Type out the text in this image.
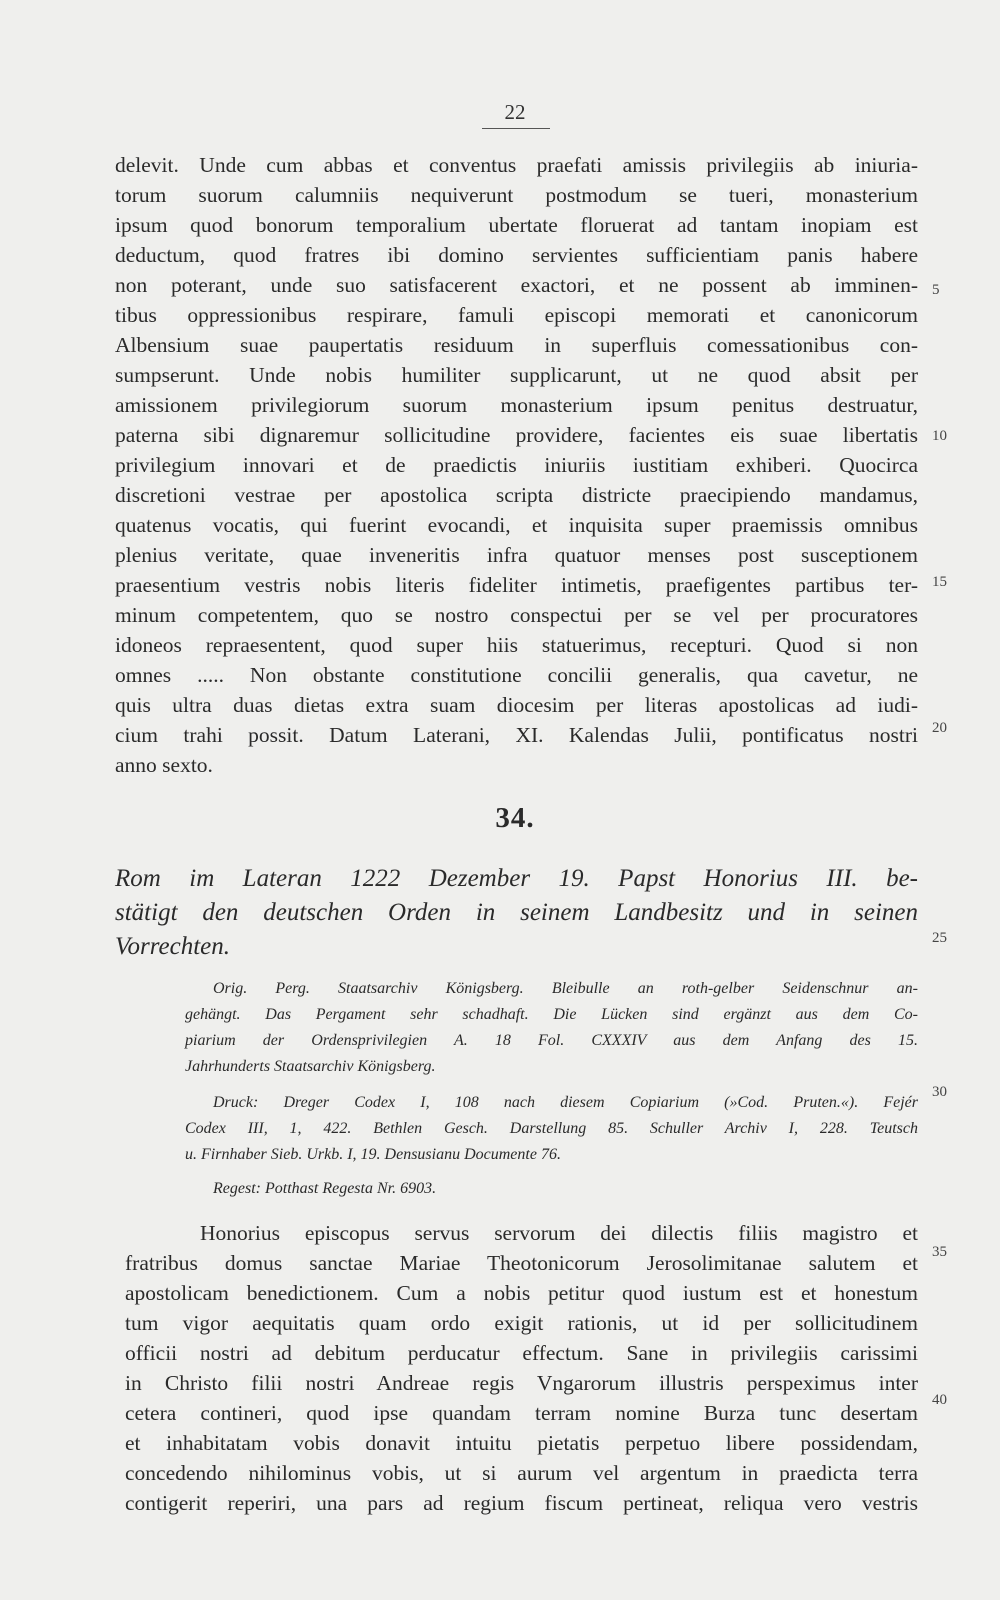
22
delevit. Unde cum abbas et conventus praefati amissis privilegiis ab iniuria-
torum suorum calumniis nequiverunt postmodum se tueri, monasterium
ipsum quod bonorum temporalium ubertate floruerat ad tantam inopiam est
deductum, quod fratres ibi domino servientes sufficientiam panis habere
non poterant, unde suo satisfacerent exactori, et ne possent ab imminen-
tibus oppressionibus respirare, famuli episcopi memorati et canonicorum
Albensium suae paupertatis residuum in superfluis comessationibus con-
sumpserunt. Unde nobis humiliter supplicarunt, ut ne quod absit per
amissionem privilegiorum suorum monasterium ipsum penitus destruatur,
paterna sibi dignaremur sollicitudine providere, facientes eis suae libertatis
privilegium innovari et de praedictis iniuriis iustitiam exhiberi. Quocirca
discretioni vestrae per apostolica scripta districte praecipiendo mandamus,
quatenus vocatis, qui fuerint evocandi, et inquisita super praemissis omnibus
plenius veritate, quae inveneritis infra quatuor menses post susceptionem
praesentium vestris nobis literis fideliter intimetis, praefigentes partibus ter-
minum competentem, quo se nostro conspectui per se vel per procuratores
idoneos repraesentent, quod super hiis statuerimus, recepturi. Quod si non
omnes ..... Non obstante constitutione concilii generalis, qua cavetur, ne
quis ultra duas dietas extra suam diocesim per literas apostolicas ad iudi-
cium trahi possit. Datum Laterani, XI. Kalendas Julii, pontificatus nostri
anno sexto.
5
10
15
20
25
30
35
40
34.
Rom im Lateran 1222 Dezember 19. Papst Honorius III. be-
stätigt den deutschen Orden in seinem Landbesitz und in seinen
Vorrechten.
Orig. Perg. Staatsarchiv Königsberg. Bleibulle an roth-gelber Seidenschnur an-
gehängt. Das Pergament sehr schadhaft. Die Lücken sind ergänzt aus dem Co-
piarium der Ordensprivilegien A. 18 Fol. CXXXIV aus dem Anfang des 15.
Jahrhunderts Staatsarchiv Königsberg.
Druck: Dreger Codex I, 108 nach diesem Copiarium (»Cod. Pruten.«). Fejér
Codex III, 1, 422. Bethlen Gesch. Darstellung 85. Schuller Archiv I, 228. Teutsch
u. Firnhaber Sieb. Urkb. I, 19. Densusianu Documente 76.
Regest: Potthast Regesta Nr. 6903.
Honorius episcopus servus servorum dei dilectis filiis magistro et
fratribus domus sanctae Mariae Theotonicorum Jerosolimitanae salutem et
apostolicam benedictionem. Cum a nobis petitur quod iustum est et honestum
tum vigor aequitatis quam ordo exigit rationis, ut id per sollicitudinem
officii nostri ad debitum perducatur effectum. Sane in privilegiis carissimi
in Christo filii nostri Andreae regis Vngarorum illustris perspeximus inter
cetera contineri, quod ipse quandam terram nomine Burza tunc desertam
et inhabitatam vobis donavit intuitu pietatis perpetuo libere possidendam,
concedendo nihilominus vobis, ut si aurum vel argentum in praedicta terra
contigerit reperiri, una pars ad regium fiscum pertineat, reliqua vero vestris
